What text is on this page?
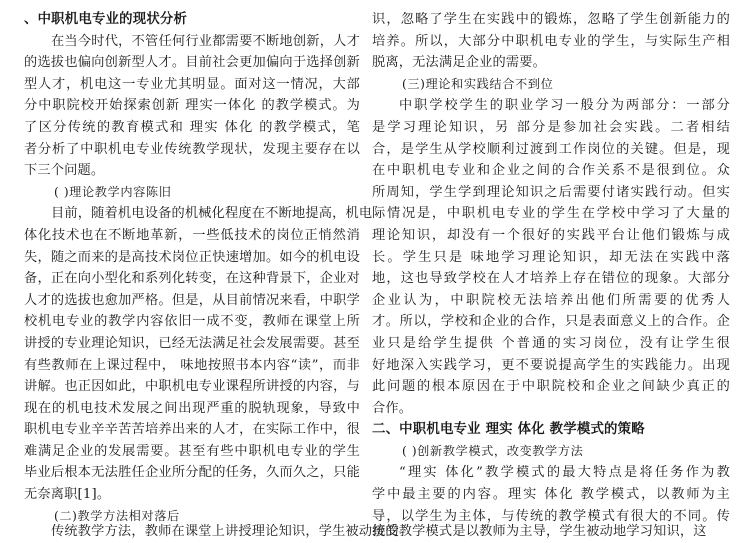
、中职机电专业的现状分析
在当今时代，不管任何行业都需要不断地创新，人才
的选拔也偏向创新型人才。目前社会更加偏向于选择创新
型人才，机电这一专业尤其明显。面对这一情况，大部
分中职院校开始探索创新 理实一体化 的教学模式。为
了区分传统的教育模式和 理实 体化 的教学模式，笔
者分析了中职机电专业传统教学现状，发现主要存在以
下三个问题。
( )理论教学内容陈旧
目前，随着机电设备的机械化程度在不断地提高，机电
体化技术也在不断地革新，一些低技术的岗位正悄然消
失，随之而来的是高技术岗位正快速增加。如今的机电设
备，正在向小型化和系列化转变，在这种背景下，企业对
人才的选拔也愈加严格。但是，从目前情况来看，中职学
校机电专业的教学内容依旧一成不变，教师在课堂上所
讲授的专业理论知识，已经无法满足社会发展需要。甚至
有些教师在上课过程中， 味地按照书本内容“读”，而非
讲解。也正因如此，中职机电专业课程所讲授的内容，与
现在的机电技术发展之间出现严重的脱轨现象，导致中
职机电专业辛辛苦苦培养出来的人才，在实际工作中，很
难满足企业的发展需要。甚至有些中职机电专业的学生
毕业后根本无法胜任企业所分配的任务，久而久之，只能
无奈离职[1]。
(二)教学方法相对落后
传统教学方法，教师在课堂上讲授理论知识，学生被动接受
识，忽略了学生在实践中的锻炼，忽略了学生创新能力的
培养。所以，大部分中职机电专业的学生，与实际生产相
脱离，无法满足企业的需要。
(三)理论和实践结合不到位
中职学校学生的职业学习一般分为两部分：一部分
是学习理论知识，另 部分是参加社会实践。二者相结
合，是学生从学校顺利过渡到工作岗位的关键。但是，现
在中职机电专业和企业之间的合作关系不是很到位。众
所周知，学生学到理论知识之后需要付诸实践行动。但实
际情况是，中职机电专业的学生在学校中学习了大量的
理论知识，却没有一个很好的实践平台让他们锻炼与成
长。学生只是 味地学习理论知识，却无法在实践中落
地，这也导致学校在人才培养上存在错位的现象。大部分
企业认为，中职院校无法培养出他们所需要的优秀人
才。所以，学校和企业的合作，只是表面意义上的合作。企
业只是给学生提供 个普通的实习岗位，没有让学生很
好地深入实践学习，更不要说提高学生的实践能力。出现
此问题的根本原因在于中职院校和企业之间缺少真正的
合作。
二、中职机电专业 理实 体化 教学模式的策略
( )创新教学模式，改变教学方法
“理实 体化”教学模式的最大特点是将任务作为教
学中最主要的内容。理实 体化 教学模式，以教师为主
导，以学生为主体，与传统的教学模式有很大的不同。传
统的教学模式是以教师为主导，学生被动地学习知识，这
